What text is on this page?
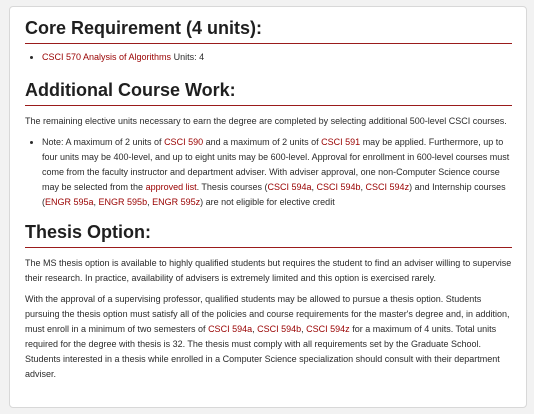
Core Requirement (4 units):
• CSCI 570 Analysis of Algorithms Units: 4
Additional Course Work:

The remaining elective units necessary to earn the degree are completed by selecting additional 500-level CSCI courses.

• Note: A maximum of 2 units of CSCI 590 and a maximum of 2 units of CSCI 591 may be applied. Furthermore, up to four units may be 400-level, and up to eight units may be 600-level. Approval for enrollment in 600-level courses must come from the faculty instructor and department adviser. With adviser approval, one non-Computer Science course may be selected from the approved list. Thesis courses (CSCI 594a, CSCI 594b, CSCI 594z) and Internship courses (ENGR 595a, ENGR 595b, ENGR 595z) are not eligible for elective credit
Thesis Option:

The MS thesis option is available to highly qualified students but requires the student to find an adviser willing to supervise their research. In practice, availability of advisers is extremely limited and this option is exercised rarely.

With the approval of a supervising professor, qualified students may be allowed to pursue a thesis option. Students pursuing the thesis option must satisfy all of the policies and course requirements for the master's degree and, in addition, must enroll in a minimum of two semesters of CSCI 594a, CSCI 594b, CSCI 594z for a maximum of 4 units. Total units required for the degree with thesis is 32. The thesis must comply with all requirements set by the Graduate School. Students interested in a thesis while enrolled in a Computer Science specialization should consult with their department adviser.
